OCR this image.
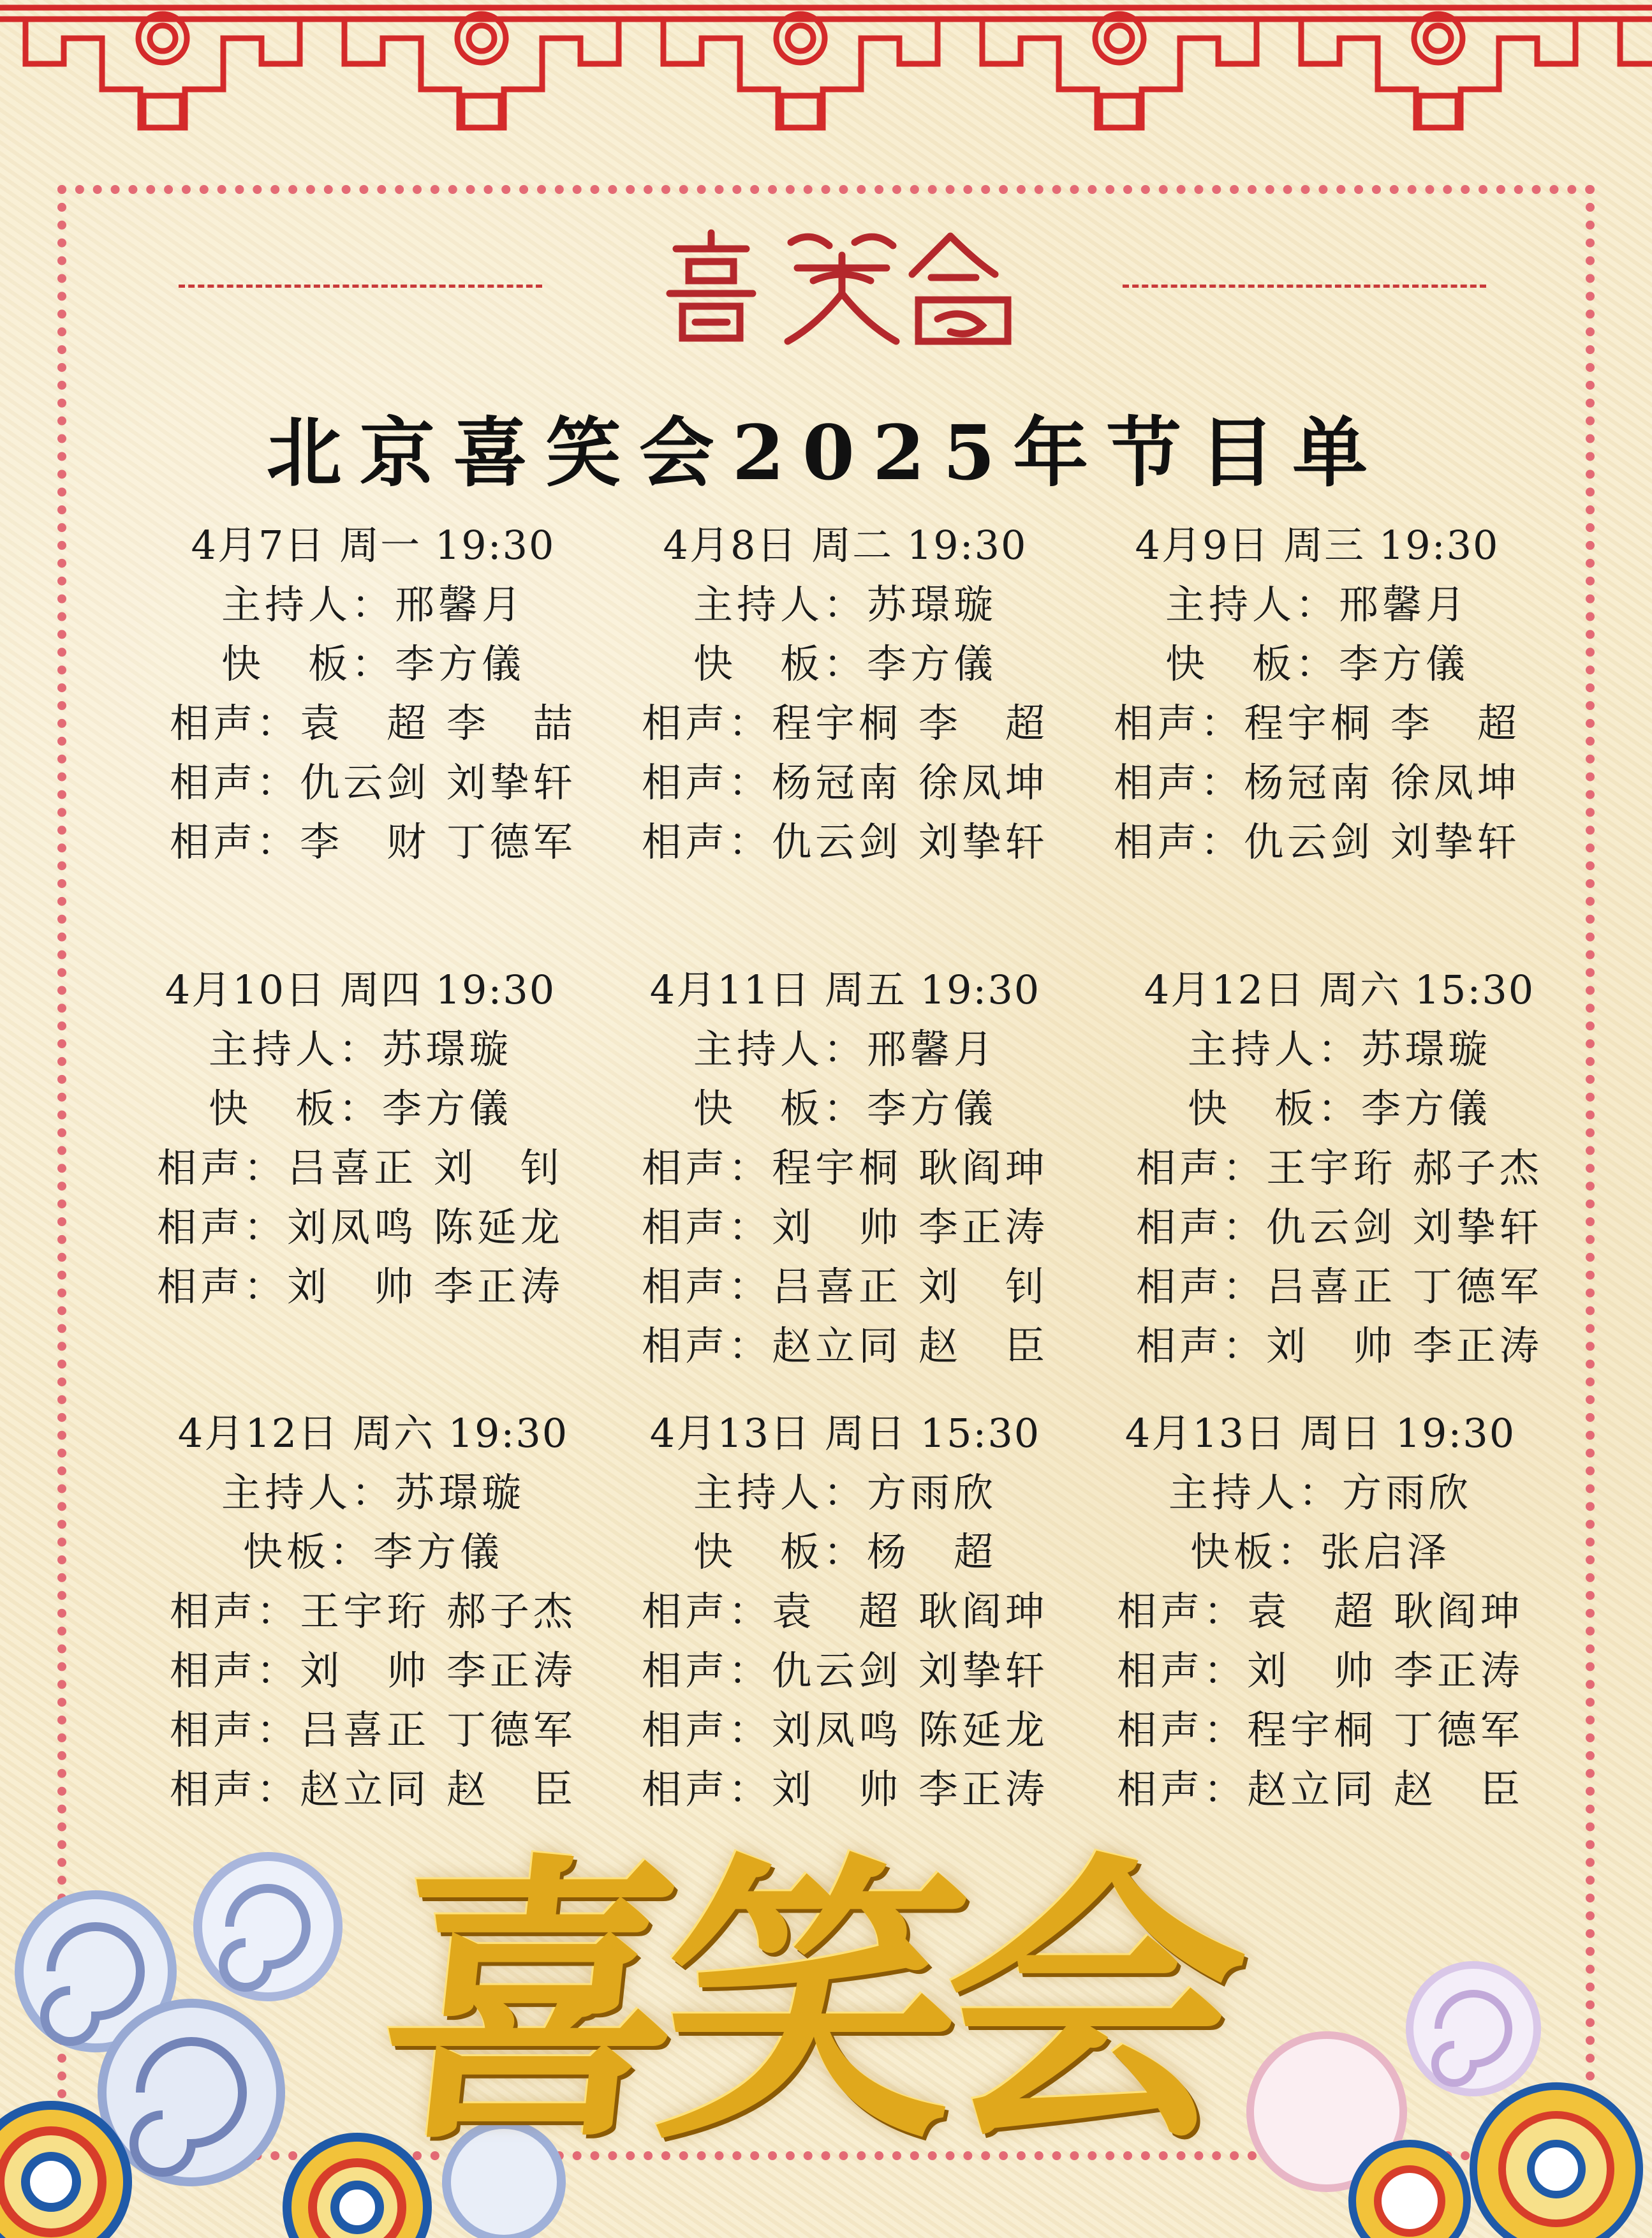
北京喜笑会2025年节目单
4月7日 周一 19:30
主持人：邢馨月
快　板：李方儀
相声：袁　超 李　喆
相声：仇云剑 刘挚轩
相声：李　财 丁德军
4月8日 周二 19:30
主持人：苏璟璇
快　板：李方儀
相声：程宇桐 李　超
相声：杨冠南 徐凤坤
相声：仇云剑 刘挚轩
4月9日 周三 19:30
主持人：邢馨月
快　板：李方儀
相声：程宇桐 李　超
相声：杨冠南 徐凤坤
相声：仇云剑 刘挚轩
4月10日 周四 19:30
主持人：苏璟璇
快　板：李方儀
相声：吕喜正 刘　钊
相声：刘凤鸣 陈延龙
相声：刘　帅 李正涛
4月11日 周五 19:30
主持人：邢馨月
快　板：李方儀
相声：程宇桐 耿阎珅
相声：刘　帅 李正涛
相声：吕喜正 刘　钊
相声：赵立同 赵　臣
4月12日 周六 15:30
主持人：苏璟璇
快　板：李方儀
相声：王宇珩 郝子杰
相声：仇云剑 刘挚轩
相声：吕喜正 丁德军
相声：刘　帅 李正涛
4月12日 周六 19:30
主持人：苏璟璇
快板：李方儀
相声：王宇珩 郝子杰
相声：刘　帅 李正涛
相声：吕喜正 丁德军
相声：赵立同 赵　臣
4月13日 周日 15:30
主持人：方雨欣
快　板：杨　超
相声：袁　超 耿阎珅
相声：仇云剑 刘挚轩
相声：刘凤鸣 陈延龙
相声：刘　帅 李正涛
4月13日 周日 19:30
主持人：方雨欣
快板：张启泽
相声：袁　超 耿阎珅
相声：刘　帅 李正涛
相声：程宇桐 丁德军
相声：赵立同 赵　臣
喜笑会
